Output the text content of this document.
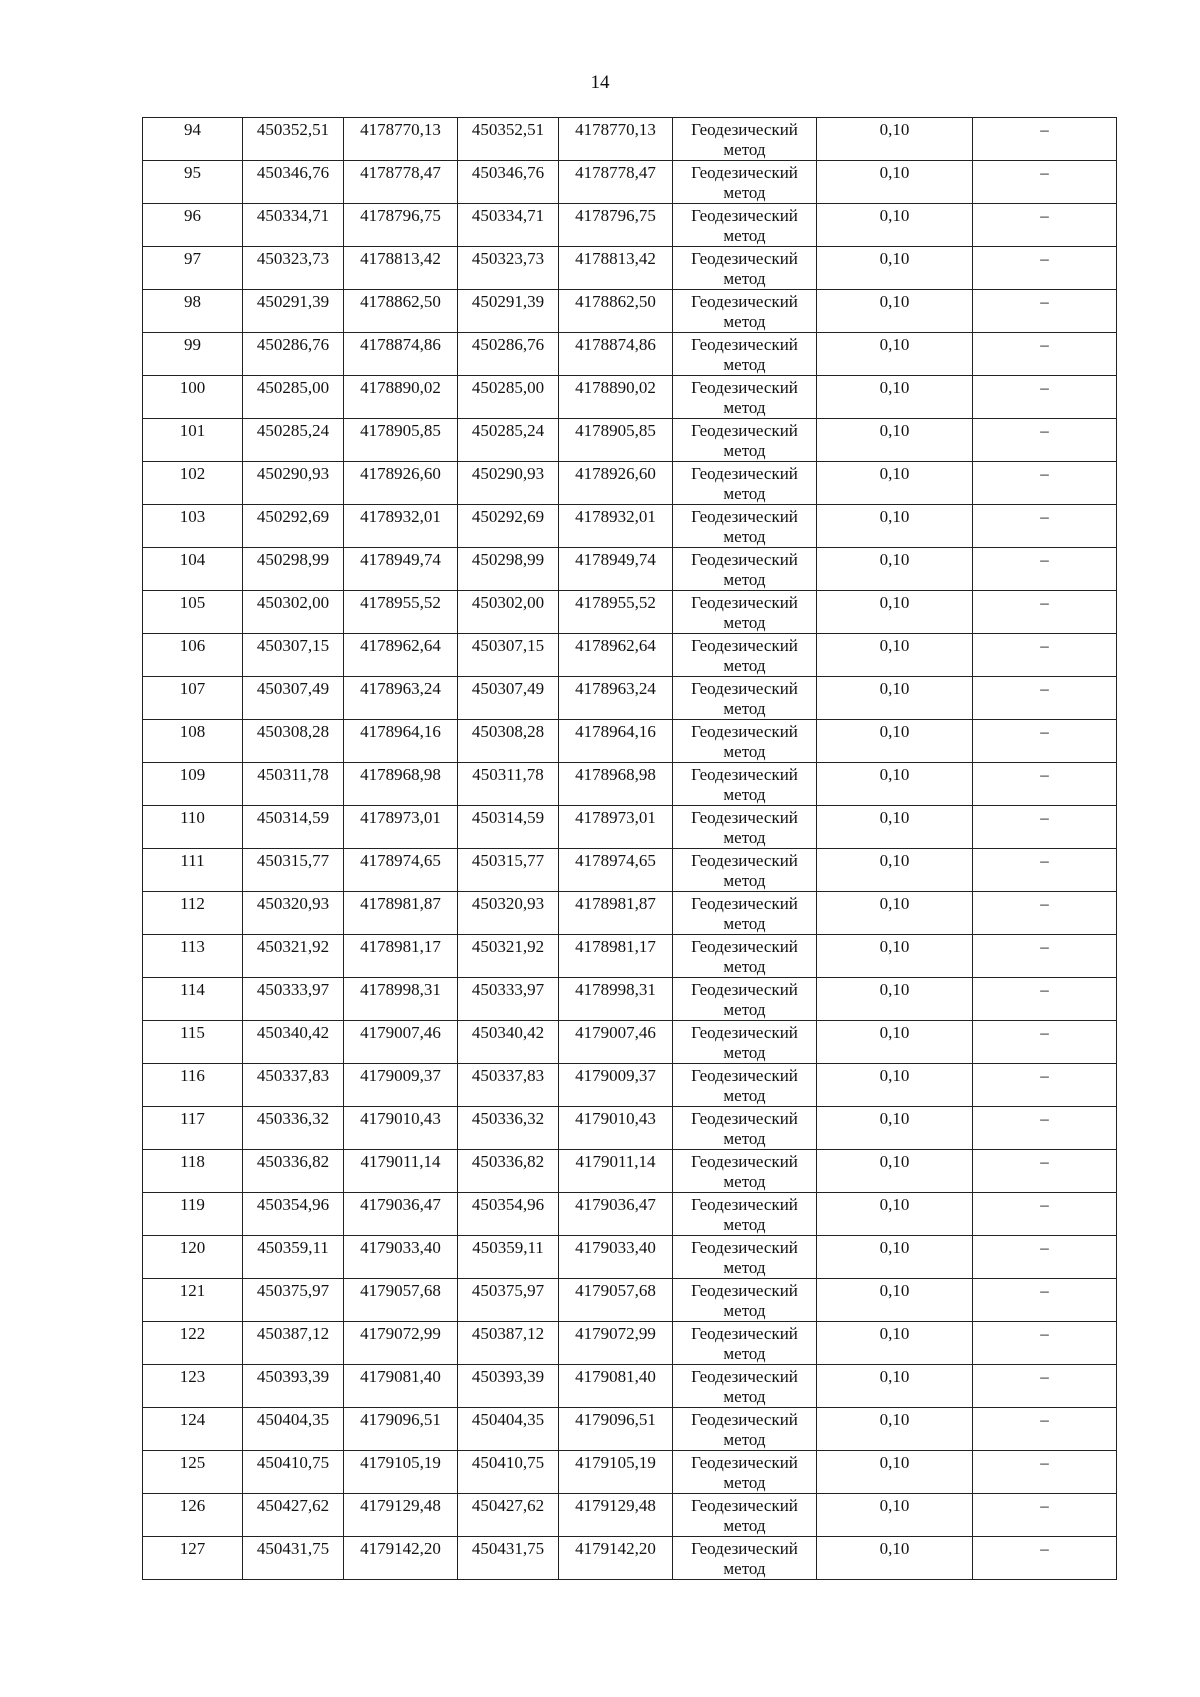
14
94	450352,51	4178770,13	450352,51	4178770,13	Геодезический метод	0,10	–

95	450346,76	4178778,47	450346,76	4178778,47	Геодезический метод	0,10	–

96	450334,71	4178796,75	450334,71	4178796,75	Геодезический метод	0,10	–

97	450323,73	4178813,42	450323,73	4178813,42	Геодезический метод	0,10	–

98	450291,39	4178862,50	450291,39	4178862,50	Геодезический метод	0,10	–

99	450286,76	4178874,86	450286,76	4178874,86	Геодезический метод	0,10	–

100	450285,00	4178890,02	450285,00	4178890,02	Геодезический метод	0,10	–

101	450285,24	4178905,85	450285,24	4178905,85	Геодезический метод	0,10	–

102	450290,93	4178926,60	450290,93	4178926,60	Геодезический метод	0,10	–

103	450292,69	4178932,01	450292,69	4178932,01	Геодезический метод	0,10	–

104	450298,99	4178949,74	450298,99	4178949,74	Геодезический метод	0,10	–

105	450302,00	4178955,52	450302,00	4178955,52	Геодезический метод	0,10	–

106	450307,15	4178962,64	450307,15	4178962,64	Геодезический метод	0,10	–

107	450307,49	4178963,24	450307,49	4178963,24	Геодезический метод	0,10	–

108	450308,28	4178964,16	450308,28	4178964,16	Геодезический метод	0,10	–

109	450311,78	4178968,98	450311,78	4178968,98	Геодезический метод	0,10	–

110	450314,59	4178973,01	450314,59	4178973,01	Геодезический метод	0,10	–

111	450315,77	4178974,65	450315,77	4178974,65	Геодезический метод	0,10	–

112	450320,93	4178981,87	450320,93	4178981,87	Геодезический метод	0,10	–

113	450321,92	4178981,17	450321,92	4178981,17	Геодезический метод	0,10	–

114	450333,97	4178998,31	450333,97	4178998,31	Геодезический метод	0,10	–

115	450340,42	4179007,46	450340,42	4179007,46	Геодезический метод	0,10	–

116	450337,83	4179009,37	450337,83	4179009,37	Геодезический метод	0,10	–

117	450336,32	4179010,43	450336,32	4179010,43	Геодезический метод	0,10	–

118	450336,82	4179011,14	450336,82	4179011,14	Геодезический метод	0,10	–

119	450354,96	4179036,47	450354,96	4179036,47	Геодезический метод	0,10	–

120	450359,11	4179033,40	450359,11	4179033,40	Геодезический метод	0,10	–

121	450375,97	4179057,68	450375,97	4179057,68	Геодезический метод	0,10	–

122	450387,12	4179072,99	450387,12	4179072,99	Геодезический метод	0,10	–

123	450393,39	4179081,40	450393,39	4179081,40	Геодезический метод	0,10	–

124	450404,35	4179096,51	450404,35	4179096,51	Геодезический метод	0,10	–

125	450410,75	4179105,19	450410,75	4179105,19	Геодезический метод	0,10	–

126	450427,62	4179129,48	450427,62	4179129,48	Геодезический метод	0,10	–

127	450431,75	4179142,20	450431,75	4179142,20	Геодезический метод	0,10	–
